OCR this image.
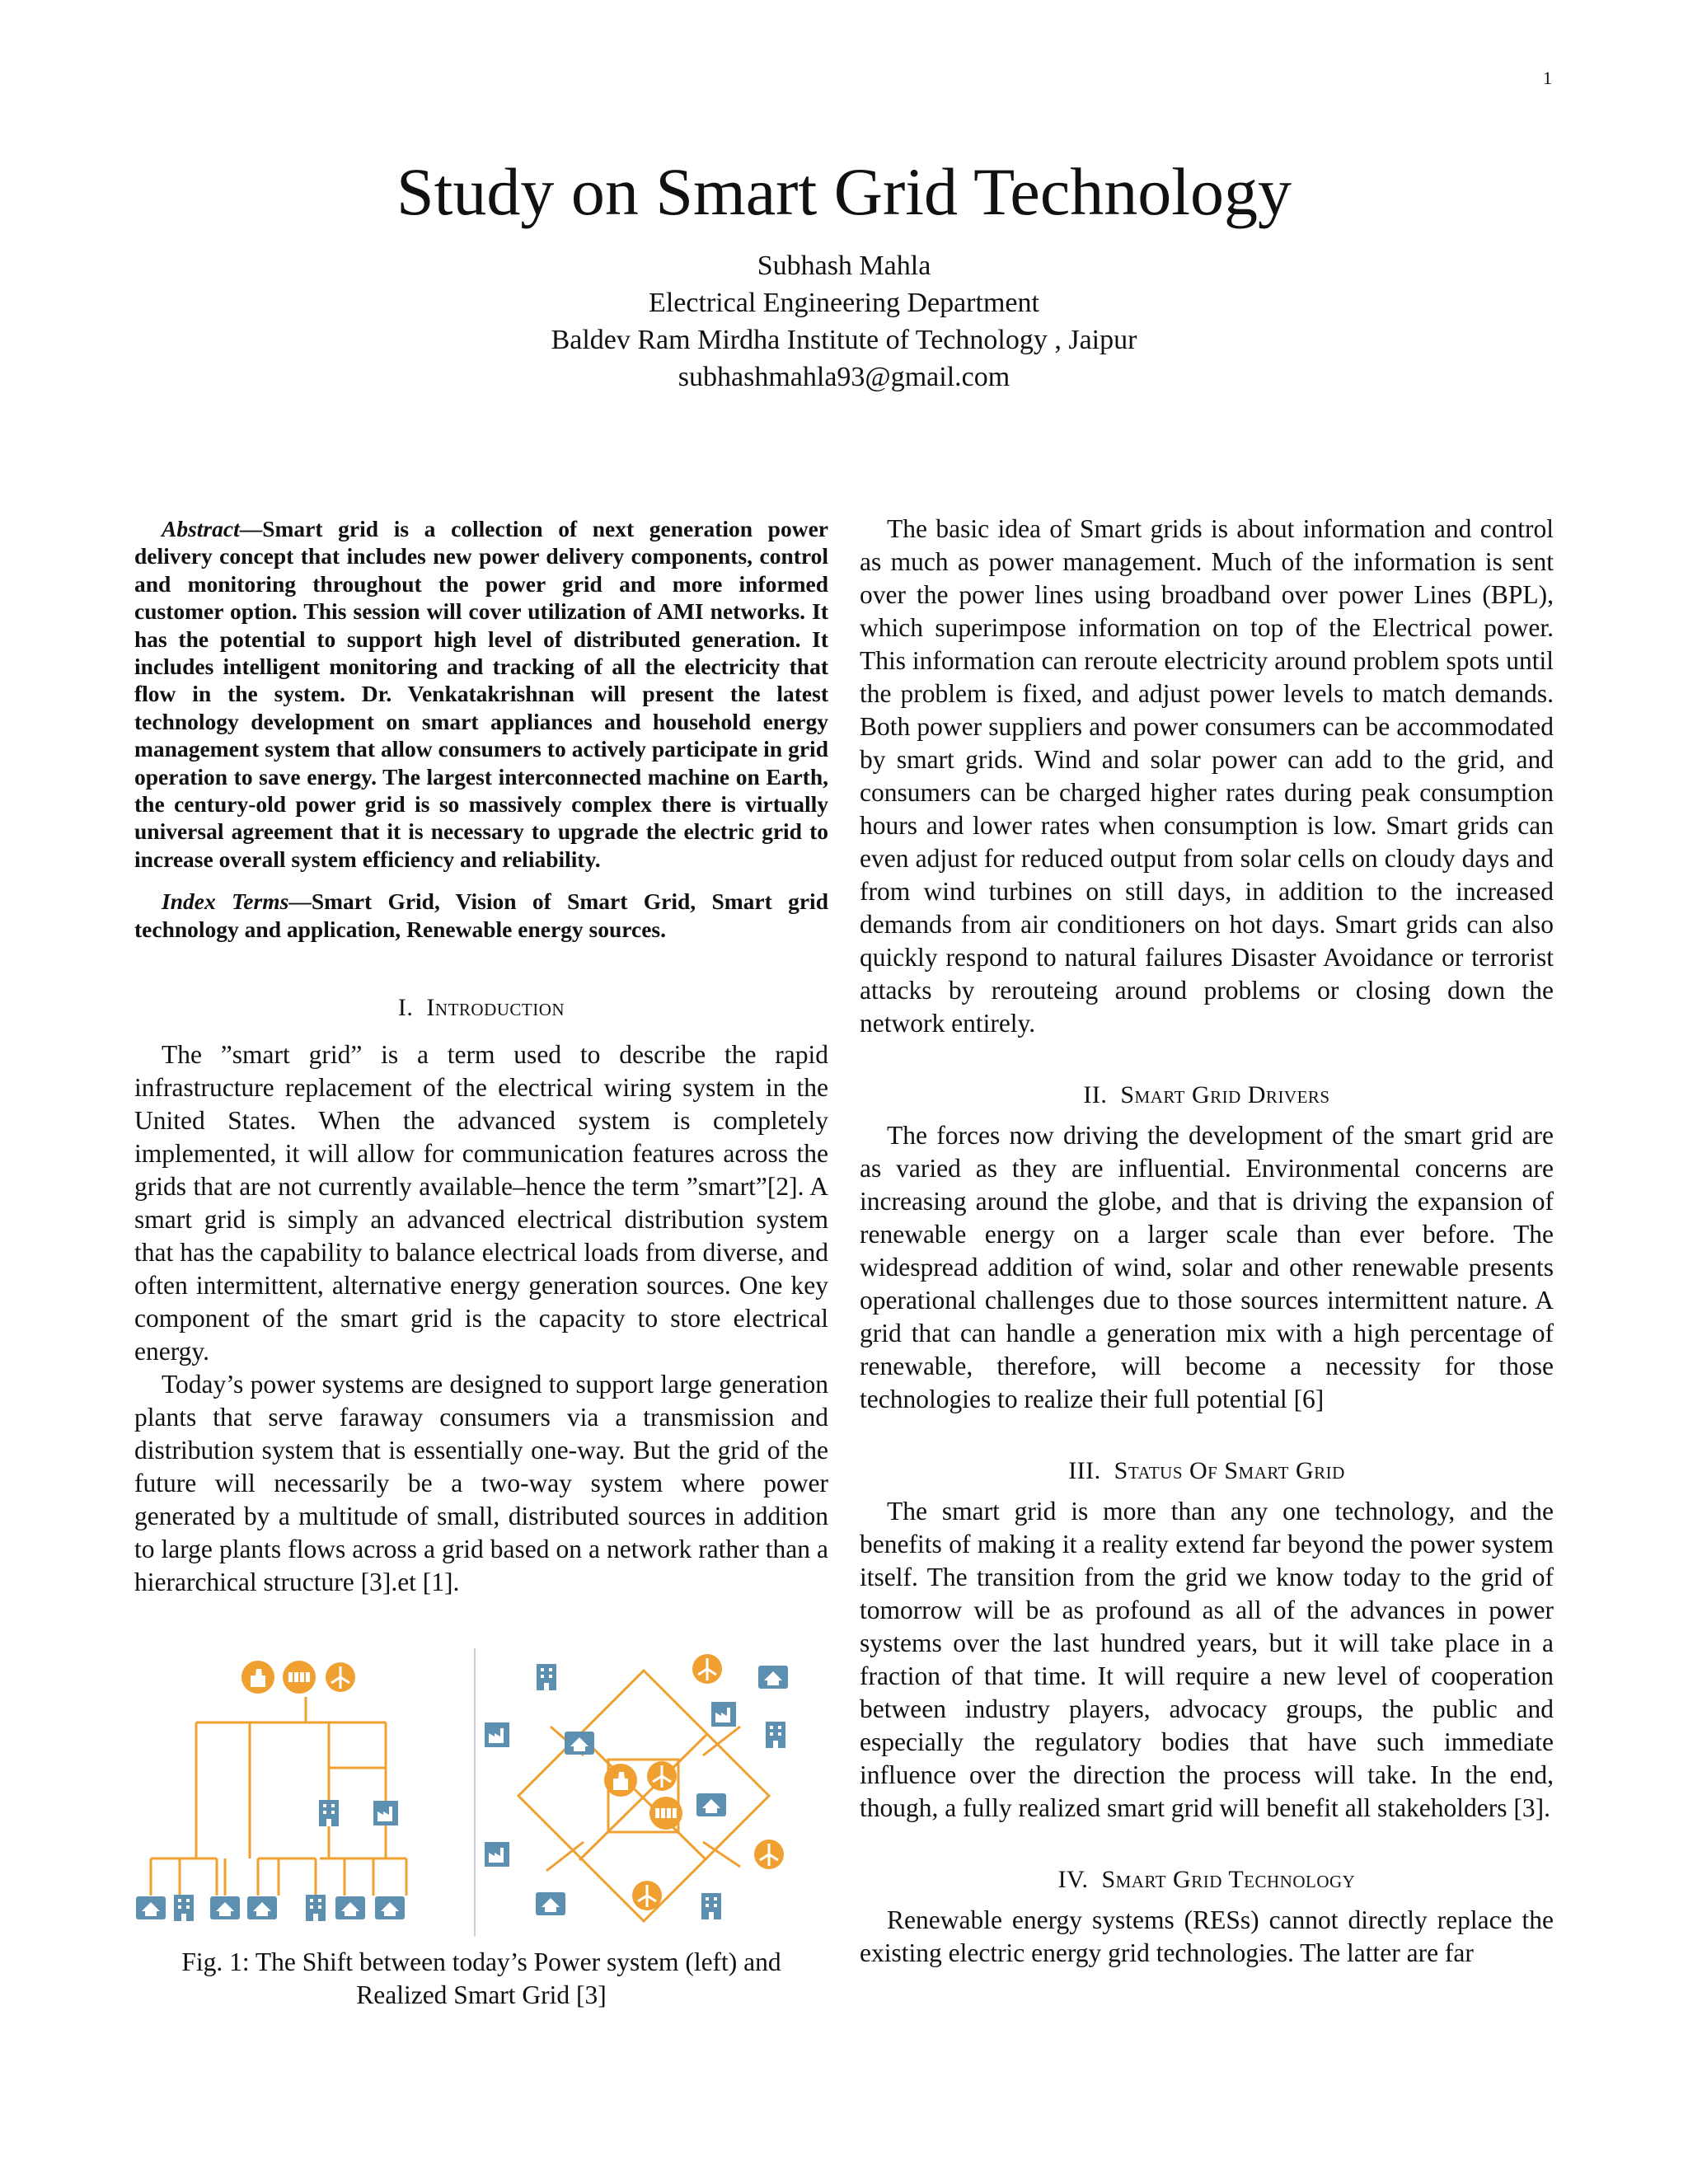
1
Study on Smart Grid Technology
Subhash Mahla
Electrical Engineering Department
Baldev Ram Mirdha Institute of Technology , Jaipur
subhashmahla93@gmail.com

Abstract—Smart grid is a collection of next generation power delivery concept that includes new power delivery components, control and monitoring throughout the power grid and more informed customer option. This session will cover utilization of AMI networks. It has the potential to support high level of distributed generation. It includes intelligent monitoring and tracking of all the electricity that flow in the system. Dr. Venkatakrishnan will present the latest technology development on smart appliances and household energy management system that allow consumers to actively participate in grid operation to save energy. The largest interconnected machine on Earth, the century-old power grid is so massively complex there is virtually universal agreement that it is necessary to upgrade the electric grid to increase overall system efficiency and reliability.

Index Terms—Smart Grid, Vision of Smart Grid, Smart grid technology and application, Renewable energy sources.

I. Introduction

The ”smart grid” is a term used to describe the rapid infrastructure replacement of the electrical wiring system in the United States. When the advanced system is completely implemented, it will allow for communication features across the grids that are not currently available–hence the term ”smart”[2]. A smart grid is simply an advanced electrical distribution system that has the capability to balance electrical loads from diverse, and often intermittent, alternative energy generation sources. One key component of the smart grid is the capacity to store electrical energy.

Today’s power systems are designed to support large generation plants that serve faraway consumers via a transmission and distribution system that is essentially one-way. But the grid of the future will necessarily be a two-way system where power generated by a multitude of small, distributed sources in addition to large plants flows across a grid based on a network rather than a hierarchical structure [3].et [1].

Fig. 1: The Shift between today’s Power system (left) and Realized Smart Grid [3]

The basic idea of Smart grids is about information and control as much as power management. Much of the information is sent over the power lines using broadband over power Lines (BPL), which superimpose information on top of the Electrical power. This information can reroute electricity around problem spots until the problem is fixed, and adjust power levels to match demands. Both power suppliers and power consumers can be accommodated by smart grids. Wind and solar power can add to the grid, and consumers can be charged higher rates during peak consumption hours and lower rates when consumption is low. Smart grids can even adjust for reduced output from solar cells on cloudy days and from wind turbines on still days, in addition to the increased demands from air conditioners on hot days. Smart grids can also quickly respond to natural failures Disaster Avoidance or terrorist attacks by rerouteing around problems or closing down the network entirely.

II. Smart Grid Drivers

The forces now driving the development of the smart grid are as varied as they are influential. Environmental concerns are increasing around the globe, and that is driving the expansion of renewable energy on a larger scale than ever before. The widespread addition of wind, solar and other renewable presents operational challenges due to those sources intermittent nature. A grid that can handle a generation mix with a high percentage of renewable, therefore, will become a necessity for those technologies to realize their full potential [6]

III. Status Of Smart Grid

The smart grid is more than any one technology, and the benefits of making it a reality extend far beyond the power system itself. The transition from the grid we know today to the grid of tomorrow will be as profound as all of the advances in power systems over the last hundred years, but it will take place in a fraction of that time. It will require a new level of cooperation between industry players, advocacy groups, the public and especially the regulatory bodies that have such immediate influence over the direction the process will take. In the end, though, a fully realized smart grid will benefit all stakeholders [3].

IV. Smart Grid Technology

Renewable energy systems (RESs) cannot directly replace the existing electric energy grid technologies. The latter are far
